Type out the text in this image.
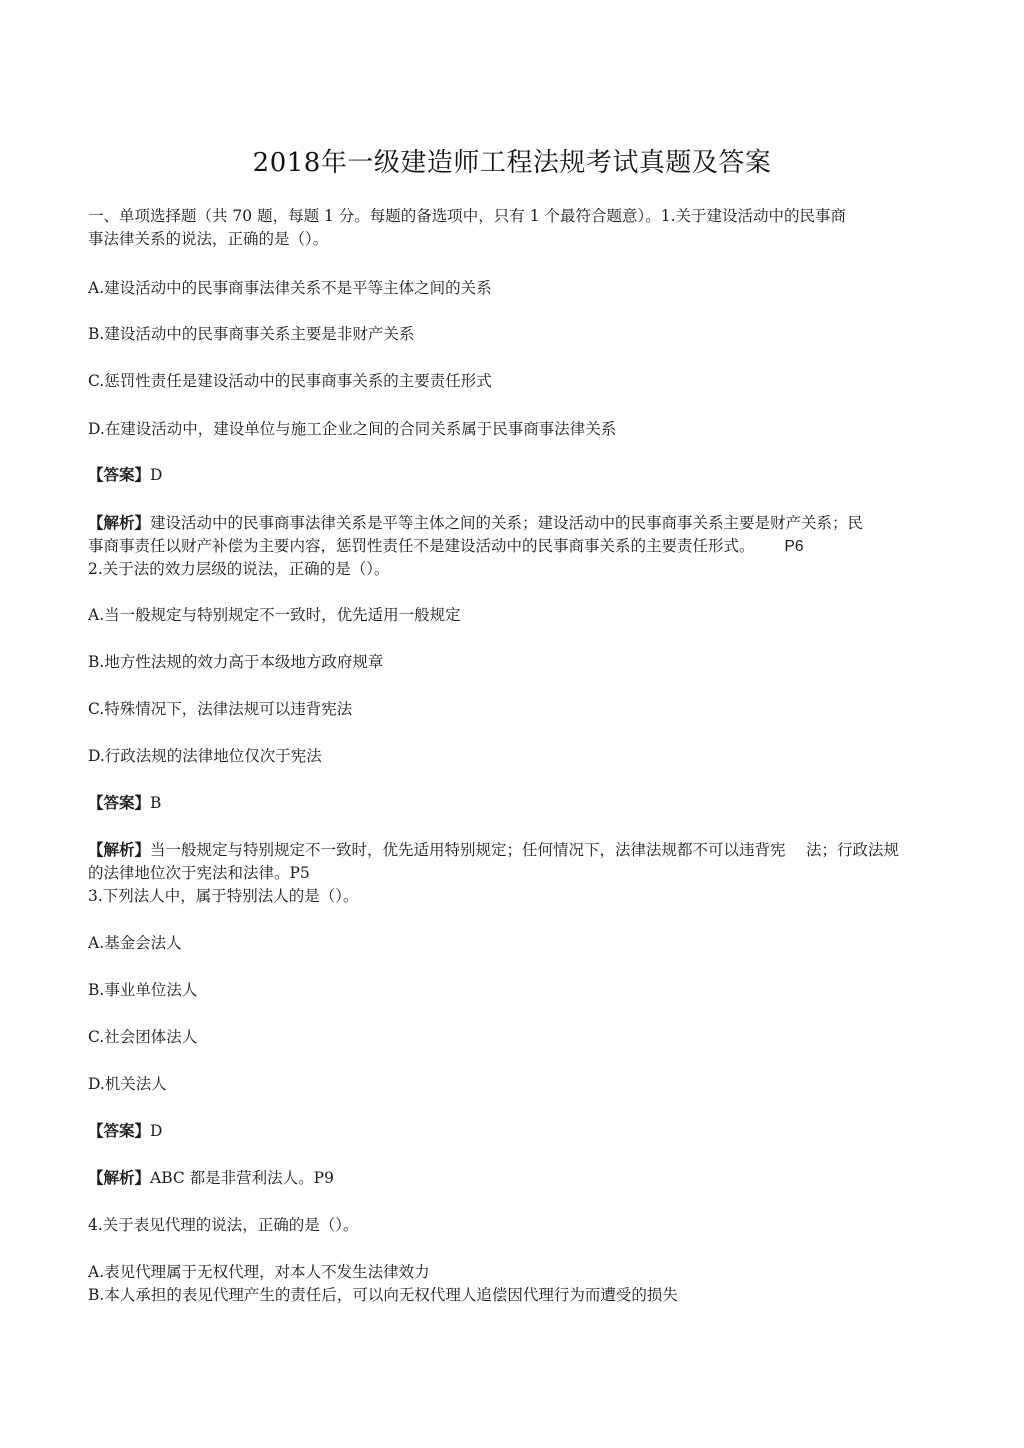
2018年一级建造师工程法规考试真题及答案
一、单项选择题（共 70 题，每题 1 分。每题的备选项中，只有 1 个最符合题意）。1.关于建设活动中的民事商
事法律关系的说法，正确的是（）。
A.建设活动中的民事商事法律关系不是平等主体之间的关系
B.建设活动中的民事商事关系主要是非财产关系
C.惩罚性责任是建设活动中的民事商事关系的主要责任形式
D.在建设活动中，建设单位与施工企业之间的合同关系属于民事商事法律关系
【答案】D
【解析】建设活动中的民事商事法律关系是平等主体之间的关系；建设活动中的民事商事关系主要是财产关系；民
事商事责任以财产补偿为主要内容，惩罚性责任不是建设活动中的民事商事关系的主要责任形式。 P6
2.关于法的效力层级的说法，正确的是（）。
A.当一般规定与特别规定不一致时，优先适用一般规定
B.地方性法规的效力高于本级地方政府规章
C.特殊情况下，法律法规可以违背宪法
D.行政法规的法律地位仅次于宪法
【答案】B
【解析】当一般规定与特别规定不一致时，优先适用特别规定；任何情况下，法律法规都不可以违背宪　 法；行政法规
的法律地位次于宪法和法律。P5
3.下列法人中，属于特别法人的是（）。
A.基金会法人
B.事业单位法人
C.社会团体法人
D.机关法人
【答案】D
【解析】ABC 都是非营利法人。P9
4.关于表见代理的说法，正确的是（）。
A.表见代理属于无权代理，对本人不发生法律效力
B.本人承担的表见代理产生的责任后，可以向无权代理人追偿因代理行为而遭受的损失
